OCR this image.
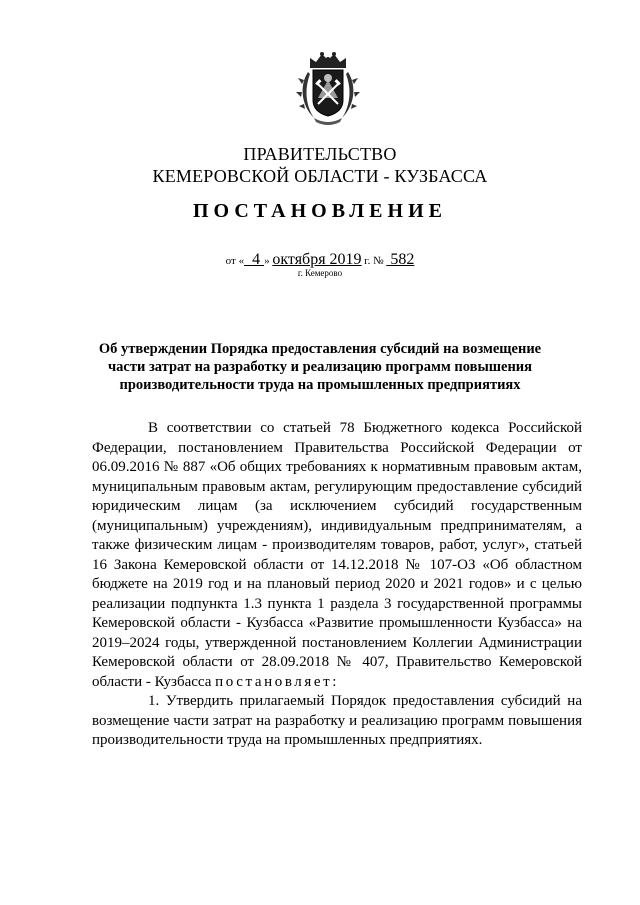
ПРАВИТЕЛЬСТВО
КЕМЕРОВСКОЙ ОБЛАСТИ - КУЗБАССА
ПОСТАНОВЛЕНИЕ
от « 4 » октября 2019 г. № 582
г. Кемерово
Об утверждении Порядка предоставления субсидий на возмещение части затрат на разработку и реализацию программ повышения производительности труда на промышленных предприятиях

В соответствии со статьей 78 Бюджетного кодекса Российской Федерации, постановлением Правительства Российской Федерации от 06.09.2016 № 887 «Об общих требованиях к нормативным правовым актам, муниципальным правовым актам, регулирующим предоставление субсидий юридическим лицам (за исключением субсидий государственным (муниципальным) учреждениям), индивидуальным предпринимателям, а также физическим лицам - производителям товаров, работ, услуг», статьей 16 Закона Кемеровской области от 14.12.2018 № 107-ОЗ «Об областном бюджете на 2019 год и на плановый период 2020 и 2021 годов» и с целью реализации подпункта 1.3 пункта 1 раздела 3 государственной программы Кемеровской области - Кузбасса «Развитие промышленности Кузбасса» на 2019–2024 годы, утвержденной постановлением Коллегии Администрации Кемеровской области от 28.09.2018 № 407, Правительство Кемеровской области - Кузбасса постановляет:

1. Утвердить прилагаемый Порядок предоставления субсидий на возмещение части затрат на разработку и реализацию программ повышения производительности труда на промышленных предприятиях.
